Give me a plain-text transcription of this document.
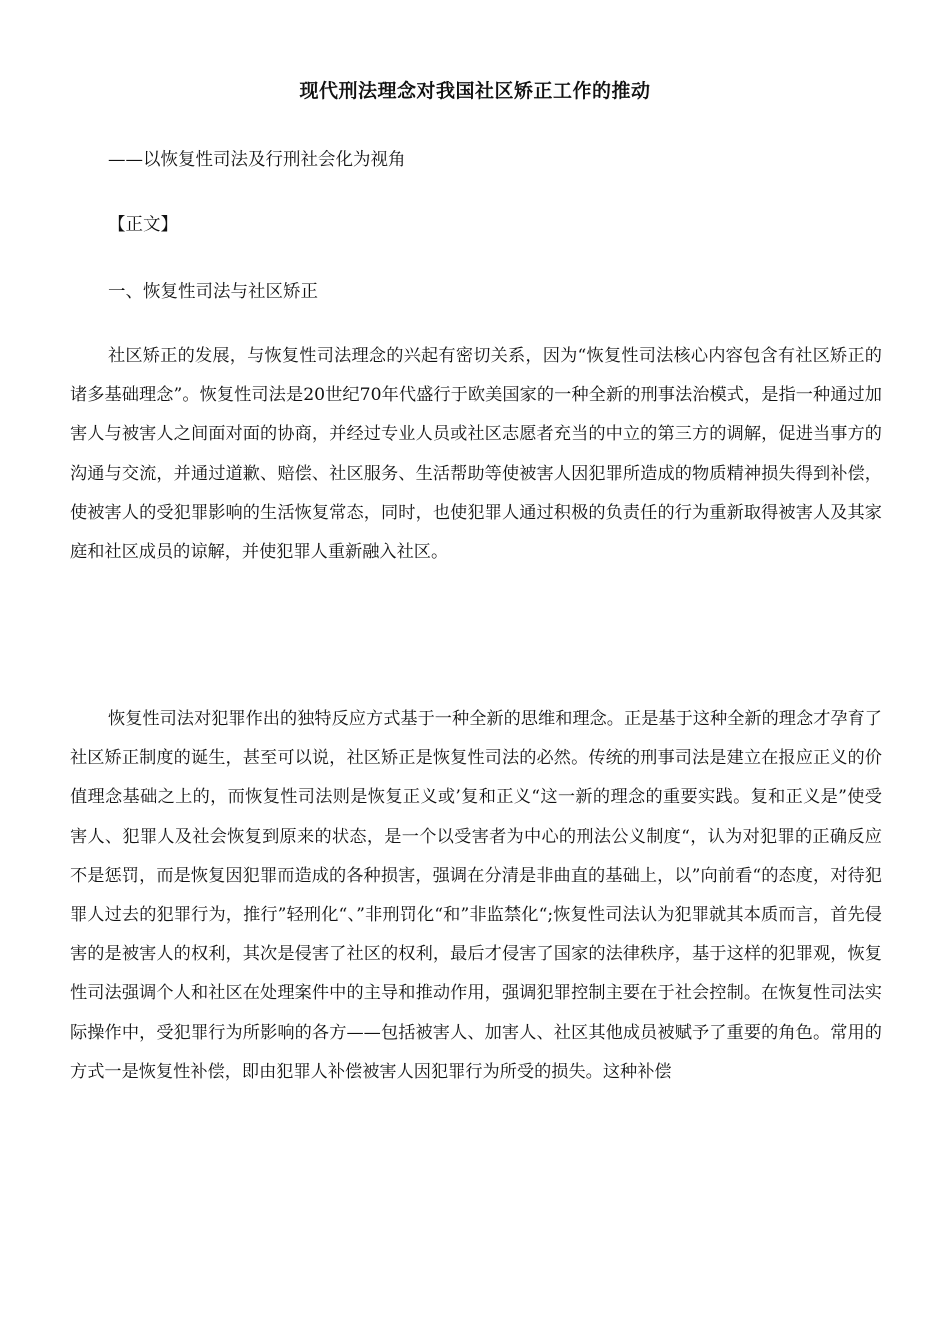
现代刑法理念对我国社区矫正工作的推动
——以恢复性司法及行刑社会化为视角
【正文】
一、恢复性司法与社区矫正

社区矫正的发展，与恢复性司法理念的兴起有密切关系，因为“恢复性司法核心内容包含有社区矫正的诸多基础理念”。恢复性司法是20世纪70年代盛行于欧美国家的一种全新的刑事法治模式，是指一种通过加害人与被害人之间面对面的协商，并经过专业人员或社区志愿者充当的中立的第三方的调解，促进当事方的沟通与交流，并通过道歉、赔偿、社区服务、生活帮助等使被害人因犯罪所造成的物质精神损失得到补偿，使被害人的受犯罪影响的生活恢复常态，同时，也使犯罪人通过积极的负责任的行为重新取得被害人及其家庭和社区成员的谅解，并使犯罪人重新融入社区。

恢复性司法对犯罪作出的独特反应方式基于一种全新的思维和理念。正是基于这种全新的理念才孕育了社区矫正制度的诞生，甚至可以说，社区矫正是恢复性司法的必然。传统的刑事司法是建立在报应正义的价值理念基础之上的，而恢复性司法则是恢复正义或’复和正义“这一新的理念的重要实践。复和正义是”使受害人、犯罪人及社会恢复到原来的状态，是一个以受害者为中心的刑法公义制度“，认为对犯罪的正确反应不是惩罚，而是恢复因犯罪而造成的各种损害，强调在分清是非曲直的基础上，以”向前看“的态度，对待犯罪人过去的犯罪行为，推行”轻刑化“、”非刑罚化“和”非监禁化“;恢复性司法认为犯罪就其本质而言，首先侵害的是被害人的权利，其次是侵害了社区的权利，最后才侵害了国家的法律秩序，基于这样的犯罪观，恢复性司法强调个人和社区在处理案件中的主导和推动作用，强调犯罪控制主要在于社会控制。在恢复性司法实际操作中，受犯罪行为所影响的各方——包括被害人、加害人、社区其他成员被赋予了重要的角色。常用的方式一是恢复性补偿，即由犯罪人补偿被害人因犯罪行为所受的损失。这种补偿
